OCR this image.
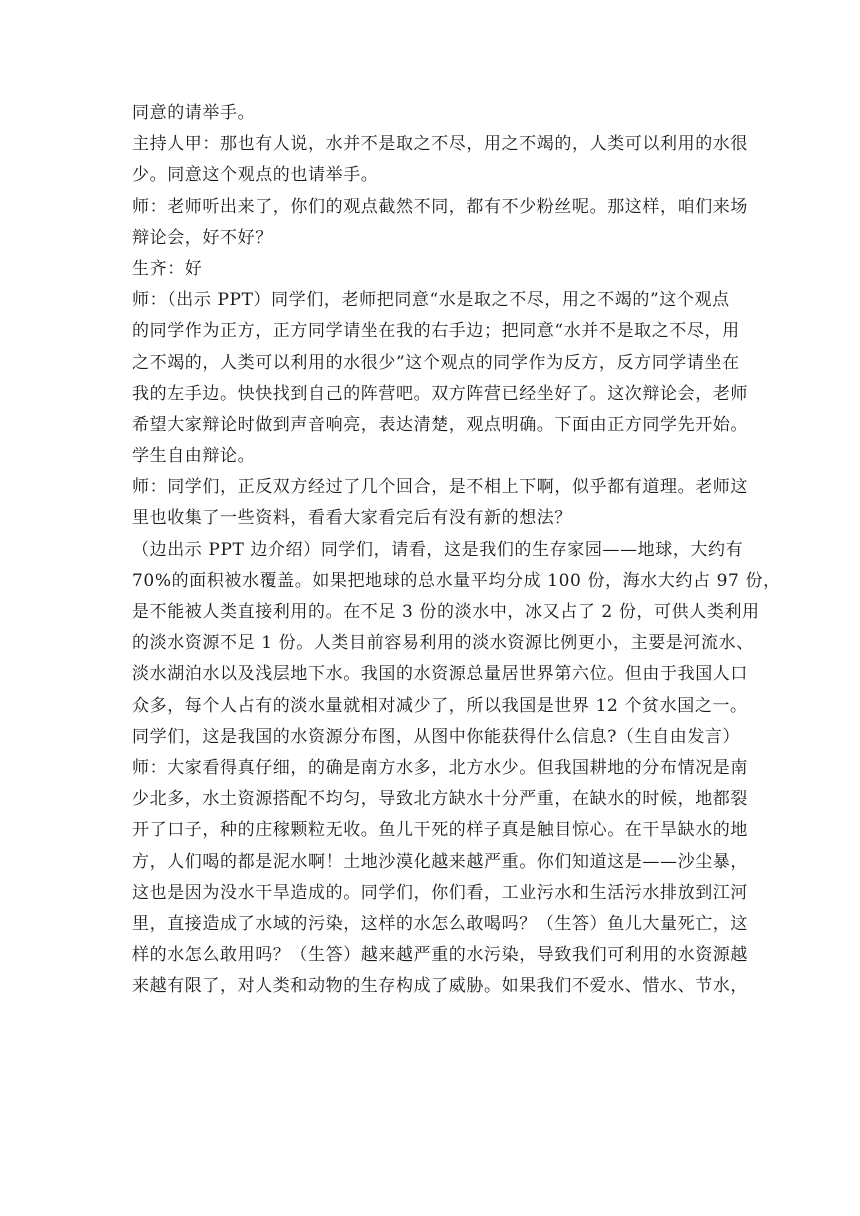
同意的请举手。
主持人甲：那也有人说，水并不是取之不尽，用之不竭的，人类可以利用的水很
少。同意这个观点的也请举手。
师：老师听出来了，你们的观点截然不同，都有不少粉丝呢。那这样，咱们来场
辩论会，好不好？
生齐：好
师：（出示 PPT）同学们，老师把同意“水是取之不尽，用之不竭的”这个观点
的同学作为正方，正方同学请坐在我的右手边；把同意“水并不是取之不尽，用
之不竭的，人类可以利用的水很少”这个观点的同学作为反方，反方同学请坐在
我的左手边。快快找到自己的阵营吧。双方阵营已经坐好了。这次辩论会，老师
希望大家辩论时做到声音响亮，表达清楚，观点明确。下面由正方同学先开始。
学生自由辩论。
师：同学们，正反双方经过了几个回合，是不相上下啊，似乎都有道理。老师这
里也收集了一些资料，看看大家看完后有没有新的想法？
（边出示 PPT 边介绍）同学们，请看，这是我们的生存家园——地球，大约有
70%的面积被水覆盖。如果把地球的总水量平均分成 100 份，海水大约占 97 份，
是不能被人类直接利用的。在不足 3 份的淡水中，冰又占了 2 份，可供人类利用
的淡水资源不足 1 份。人类目前容易利用的淡水资源比例更小，主要是河流水、
淡水湖泊水以及浅层地下水。我国的水资源总量居世界第六位。但由于我国人口
众多，每个人占有的淡水量就相对减少了，所以我国是世界 12 个贫水国之一。
同学们，这是我国的水资源分布图，从图中你能获得什么信息?（生自由发言）
师：大家看得真仔细，的确是南方水多，北方水少。但我国耕地的分布情况是南
少北多，水土资源搭配不均匀，导致北方缺水十分严重，在缺水的时候，地都裂
开了口子，种的庄稼颗粒无收。鱼儿干死的样子真是触目惊心。在干旱缺水的地
方，人们喝的都是泥水啊！土地沙漠化越来越严重。你们知道这是——沙尘暴，
这也是因为没水干旱造成的。同学们，你们看，工业污水和生活污水排放到江河
里，直接造成了水域的污染，这样的水怎么敢喝吗？（生答）鱼儿大量死亡，这
样的水怎么敢用吗？（生答）越来越严重的水污染，导致我们可利用的水资源越
来越有限了，对人类和动物的生存构成了威胁。如果我们不爱水、惜水、节水，
